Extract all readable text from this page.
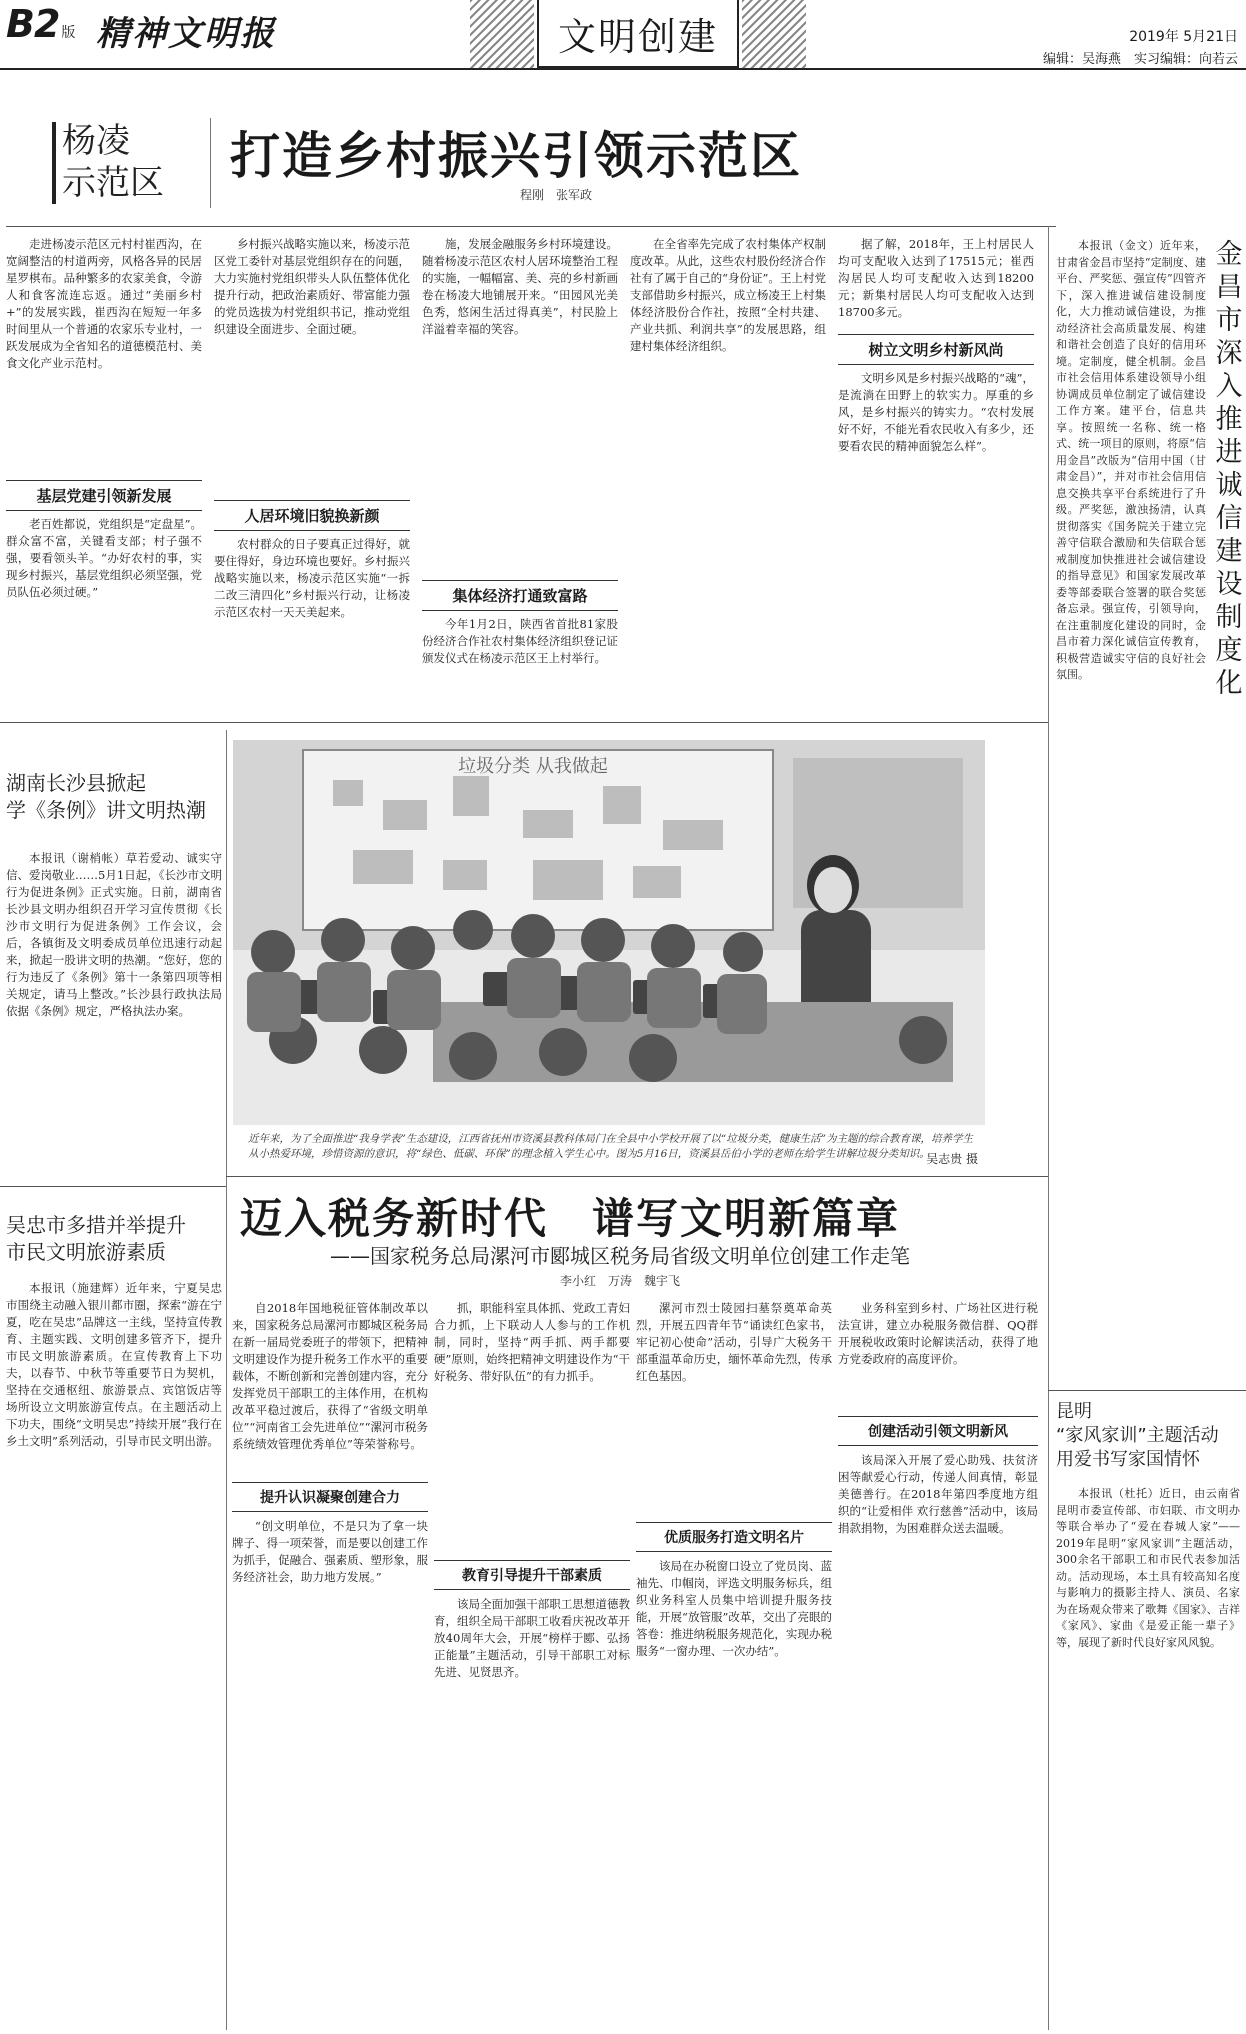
B2 版 精神文明报	文明创建	2019年 5月21日
编辑：吴海燕　实习编辑：向若云
杨凌
示范区	打造乡村振兴引领示范区
程刚　张军政

走进杨凌示范区元村村崔西沟，在宽阔整洁的村道两旁，风格各异的民居星罗棋布。品种繁多的农家美食，令游人和食客流连忘返。通过“美丽乡村+”的发展实践，崔西沟在短短一年多时间里从一个普通的农家乐专业村，一跃发展成为全省知名的道德模范村、美食文化产业示范村。

基层党建引领新发展

老百姓都说，党组织是“定盘星”。群众富不富，关键看支部；村子强不强，要看领头羊。“办好农村的事，实现乡村振兴，基层党组织必须坚强，党员队伍必须过硬。”

乡村振兴战略实施以来，杨凌示范区党工委针对基层党组织存在的问题，大力实施村党组织带头人队伍整体优化提升行动，把政治素质好、带富能力强的党员选拔为村党组织书记，推动党组织建设全面进步、全面过硬。

人居环境旧貌换新颜

农村群众的日子要真正过得好，就要住得好，身边环境也要好。乡村振兴战略实施以来，杨凌示范区实施“一拆二改三清四化”乡村振兴行动，让杨凌示范区农村一天天美起来。

施，发展金融服务乡村环境建设。随着杨凌示范区农村人居环境整治工程的实施，一幅幅富、美、亮的乡村新画卷在杨凌大地铺展开来。“田园风光美色秀，悠闲生活过得真美”，村民脸上洋溢着幸福的笑容。

集体经济打通致富路

今年1月2日，陕西省首批81家股份经济合作社农村集体经济组织登记证颁发仪式在杨凌示范区王上村举行。

在全省率先完成了农村集体产权制度改革。从此，这些农村股份经济合作社有了属于自己的“身份证”。王上村党支部借助乡村振兴，成立杨凌王上村集体经济股份合作社，按照“全村共建、产业共抓、利润共享”的发展思路，组建村集体经济组织。

据了解，2018年，王上村居民人均可支配收入达到了17515元；崔西沟居民人均可支配收入达到18200元；新集村居民人均可支配收入达到18700多元。

树立文明乡村新风尚

文明乡风是乡村振兴战略的“魂”，是流淌在田野上的软实力。厚重的乡风，是乡村振兴的铸实力。“农村发展好不好，不能光看农民收入有多少，还要看农民的精神面貌怎么样”。

金昌市深入推进诚信建设制度化

本报讯（金文）近年来，甘肃省金昌市坚持“定制度、建平台、严奖惩、强宣传”四管齐下，深入推进诚信建设制度化，大力推动诚信建设，为推动经济社会高质量发展、构建和谐社会创造了良好的信用环境。定制度，健全机制。金昌市社会信用体系建设领导小组协调成员单位制定了诚信建设工作方案。建平台，信息共享。按照统一名称、统一格式、统一项目的原则，将原“信用金昌”改版为“信用中国（甘肃金昌）”，并对市社会信用信息交换共享平台系统进行了升级。严奖惩，激浊扬清，认真贯彻落实《国务院关于建立完善守信联合激励和失信联合惩戒制度加快推进社会诚信建设的指导意见》和国家发展改革委等部委联合签署的联合奖惩备忘录。强宣传，引领导向，在注重制度化建设的同时，金昌市着力深化诚信宣传教育，积极营造诚实守信的良好社会氛围。

湖南长沙县掀起
学《条例》讲文明热潮

本报讯（谢梢帐）草若爱动、诚实守信、爱岗敬业……5月1日起，《长沙市文明行为促进条例》正式实施。日前，湖南省长沙县文明办组织召开学习宣传贯彻《长沙市文明行为促进条例》工作会议，会后，各镇街及文明委成员单位迅速行动起来，掀起一股讲文明的热潮。“您好，您的行为违反了《条例》第十一条第四项等相关规定，请马上整改。”长沙县行政执法局依据《条例》规定，严格执法办案。

垃圾分类 从我做起
近年来，为了全面推进“我身学表”生态建设，江西省抚州市资溪县教科体局门在全县中小学校开展了以“垃圾分类，健康生活”为主题的综合教育课，培养学生从小热爱环境，珍惜资源的意识，将“绿色、低碳、环保”的理念植入学生心中。图为5月16日，资溪县岳伯小学的老师在给学生讲解垃圾分类知识。
吴志贵 摄
吴忠市多措并举提升
市民文明旅游素质

本报讯（施建辉）近年来，宁夏吴忠市围绕主动融入银川都市圈，探索“游在宁夏，吃在吴忠”品牌这一主线，坚持宣传教育、主题实践、文明创建多管齐下，提升市民文明旅游素质。在宣传教育上下功夫，以春节、中秋节等重要节日为契机，坚持在交通枢纽、旅游景点、宾馆饭店等场所设立文明旅游宣传点。在主题活动上下功夫，围绕“文明吴忠”持续开展“我行在乡土文明”系列活动，引导市民文明出游。

迈入税务新时代　谱写文明新篇章
——国家税务总局漯河市郾城区税务局省级文明单位创建工作走笔
李小红　万涛　魏宇飞

自2018年国地税征管体制改革以来，国家税务总局漯河市郾城区税务局在新一届局党委班子的带领下，把精神文明建设作为提升税务工作水平的重要载体，不断创新和完善创建内容，充分发挥党员干部职工的主体作用，在机构改革平稳过渡后，获得了“省级文明单位”“河南省工会先进单位”“漯河市税务系统绩效管理优秀单位”等荣誉称号。

提升认识凝聚创建合力

“创文明单位，不是只为了拿一块牌子、得一项荣誉，而是要以创建工作为抓手，促融合、强素质、塑形象，服务经济社会，助力地方发展。”

抓，职能科室具体抓、党政工青妇合力抓，上下联动人人参与的工作机制，同时，坚持“两手抓、两手都要硬”原则，始终把精神文明建设作为“干好税务、带好队伍”的有力抓手。

教育引导提升干部素质

该局全面加强干部职工思想道德教育，组织全局干部职工收看庆祝改革开放40周年大会，开展“榜样于郾、弘扬正能量”主题活动，引导干部职工对标先进、见贤思齐。

漯河市烈士陵园扫墓祭奠革命英烈，开展五四青年节“诵读红色家书，牢记初心使命”活动，引导广大税务干部重温革命历史，缅怀革命先烈，传承红色基因。

优质服务打造文明名片

该局在办税窗口设立了党员岗、蓝袖先、巾帼岗，评选文明服务标兵，组织业务科室人员集中培训提升服务技能，开展“放管服”改革，交出了亮眼的答卷：推进纳税服务规范化，实现办税服务“一窗办理、一次办结”。

业务科室到乡村、广场社区进行税法宣讲，建立办税服务微信群、QQ群开展税收政策时论解读活动，获得了地方党委政府的高度评价。

创建活动引领文明新风

该局深入开展了爱心助残、扶贫济困等献爱心行动，传递人间真情，彰显美德善行。在2018年第四季度地方组织的“让爱相伴 欢行慈善”活动中，该局捐款捐物，为困难群众送去温暖。

昆明
“家风家训”主题活动
用爱书写家国情怀

本报讯（杜托）近日，由云南省昆明市委宣传部、市妇联、市文明办等联合举办了“爱在春城人家”——2019年昆明“家风家训”主题活动，300余名干部职工和市民代表参加活动。活动现场，本土具有较高知名度与影响力的摄影主持人、演员、名家为在场观众带来了歌舞《国家》、吉祥《家风》、家曲《是爱正能一辈子》等，展现了新时代良好家风风貌。
